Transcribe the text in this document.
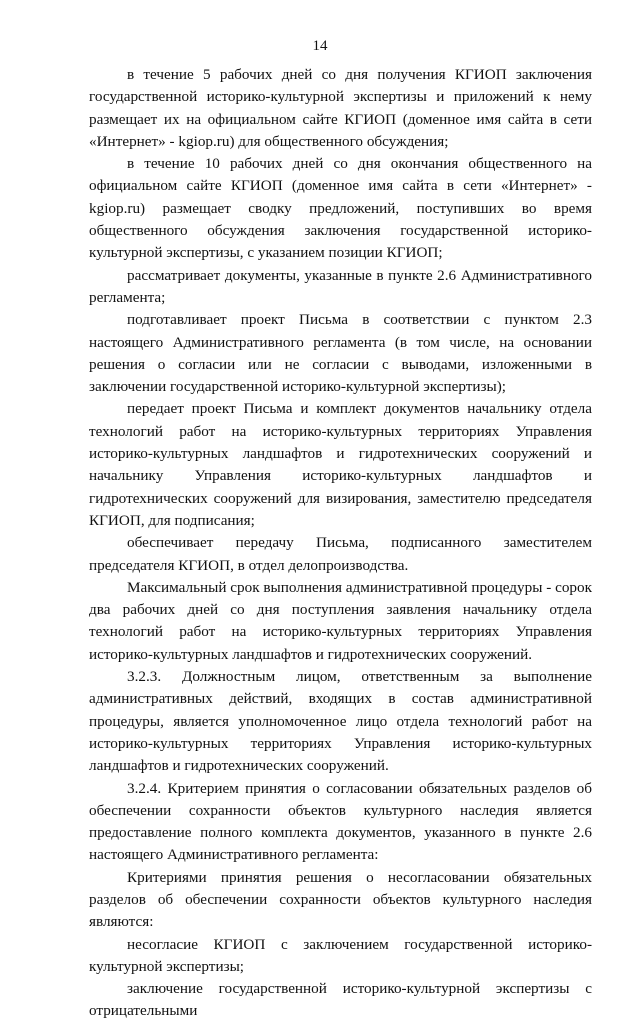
14

в течение 5 рабочих дней со дня получения КГИОП заключения государственной историко-культурной экспертизы и приложений к нему размещает их на официальном сайте КГИОП (доменное имя сайта в сети «Интернет» - kgiop.ru) для общественного обсуждения;

в течение 10 рабочих дней со дня окончания общественного на официальном сайте КГИОП (доменное имя сайта в сети «Интернет» - kgiop.ru) размещает сводку предложений, поступивших во время общественного обсуждения заключения государственной историко-культурной экспертизы, с указанием позиции КГИОП;

рассматривает документы, указанные в пункте 2.6 Административного регламента;

подготавливает проект Письма в соответствии с пунктом 2.3 настоящего Административного регламента (в том числе, на основании решения о согласии или не согласии с выводами, изложенными в заключении государственной историко-культурной экспертизы);

передает проект Письма и комплект документов начальнику отдела технологий работ на историко-культурных территориях Управления историко-культурных ландшафтов и гидротехнических сооружений и начальнику Управления историко-культурных ландшафтов и гидротехнических сооружений для визирования, заместителю председателя КГИОП, для подписания;

обеспечивает передачу Письма, подписанного заместителем председателя КГИОП, в отдел делопроизводства.

Максимальный срок выполнения административной процедуры - сорок два рабочих дней со дня поступления заявления начальнику отдела технологий работ на историко-культурных территориях Управления историко-культурных ландшафтов и гидротехнических сооружений.

3.2.3. Должностным лицом, ответственным за выполнение административных действий, входящих в состав административной процедуры, является уполномоченное лицо отдела технологий работ на историко-культурных территориях Управления историко-культурных ландшафтов и гидротехнических сооружений.

3.2.4. Критерием принятия о согласовании обязательных разделов об обеспечении сохранности объектов культурного наследия является предоставление полного комплекта документов, указанного в пункте 2.6 настоящего Административного регламента:

Критериями принятия решения о несогласовании обязательных разделов об обеспечении сохранности объектов культурного наследия являются:

несогласие КГИОП с заключением государственной историко-культурной экспертизы;

заключение государственной историко-культурной экспертизы с отрицательными
